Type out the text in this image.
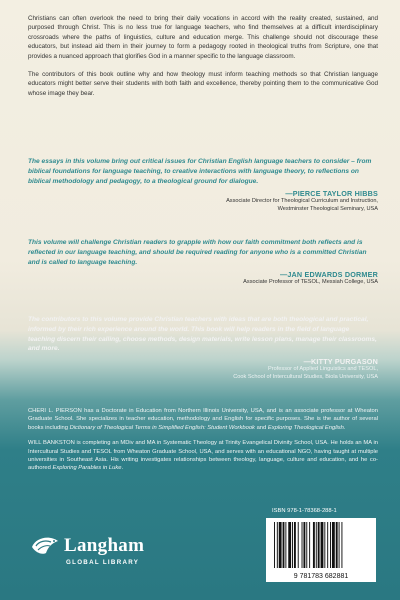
Christians can often overlook the need to bring their daily vocations in accord with the reality created, sustained, and purposed through Christ. This is no less true for language teachers, who find themselves at a difficult interdisciplinary crossroads where the paths of linguistics, culture and education merge. This challenge should not discourage these educators, but instead aid them in their journey to form a pedagogy rooted in theological truths from Scripture, one that provides a nuanced approach that glorifies God in a manner specific to the language classroom.

The contributors of this book outline why and how theology must inform teaching methods so that Christian language educators might better serve their students with both faith and excellence, thereby pointing them to the communicative God whose image they bear.

The essays in this volume bring out critical issues for Christian English language teachers to consider – from biblical foundations for language teaching, to creative interactions with language theory, to reflections on biblical methodology and pedagogy, to a theological ground for dialogue.

—PIERCE TAYLOR HIBBS
Associate Director for Theological Curriculum and Instruction,
Westminster Theological Seminary, USA

This volume will challenge Christian readers to grapple with how our faith commitment both reflects and is reflected in our language teaching, and should be required reading for anyone who is a committed Christian and is called to language teaching.

—JAN EDWARDS DORMER
Associate Professor of TESOL, Messiah College, USA

The contributors to this volume provide Christian teachers with ideas that are both theological and practical, informed by their rich experience around the world. This book will help readers in the field of language teaching discern their calling, choose methods, design materials, write lesson plans, manage their classrooms, and more.

—KITTY PURGASON
Professor of Applied Linguistics and TESOL,
Cook School of Intercultural Studies, Biola University, USA

CHERI L. PIERSON has a Doctorate in Education from Northern Illinois University, USA, and is an associate professor at Wheaton Graduate School. She specializes in teacher education, methodology and English for specific purposes. She is the author of several books including Dictionary of Theological Terms in Simplified English: Student Workbook and Exploring Theological English.

WILL BANKSTON is completing an MDiv and MA in Systematic Theology at Trinity Evangelical Divinity School, USA. He holds an MA in Intercultural Studies and TESOL from Wheaton Graduate School, USA, and serves with an educational NGO, having taught at multiple universities in Southeast Asia. His writing investigates relationships between theology, language, culture and education, and he co-authored Exploring Parables in Luke.

Langham
GLOBAL LIBRARY
ISBN 978-1-78368-288-1
9 781783 682881
